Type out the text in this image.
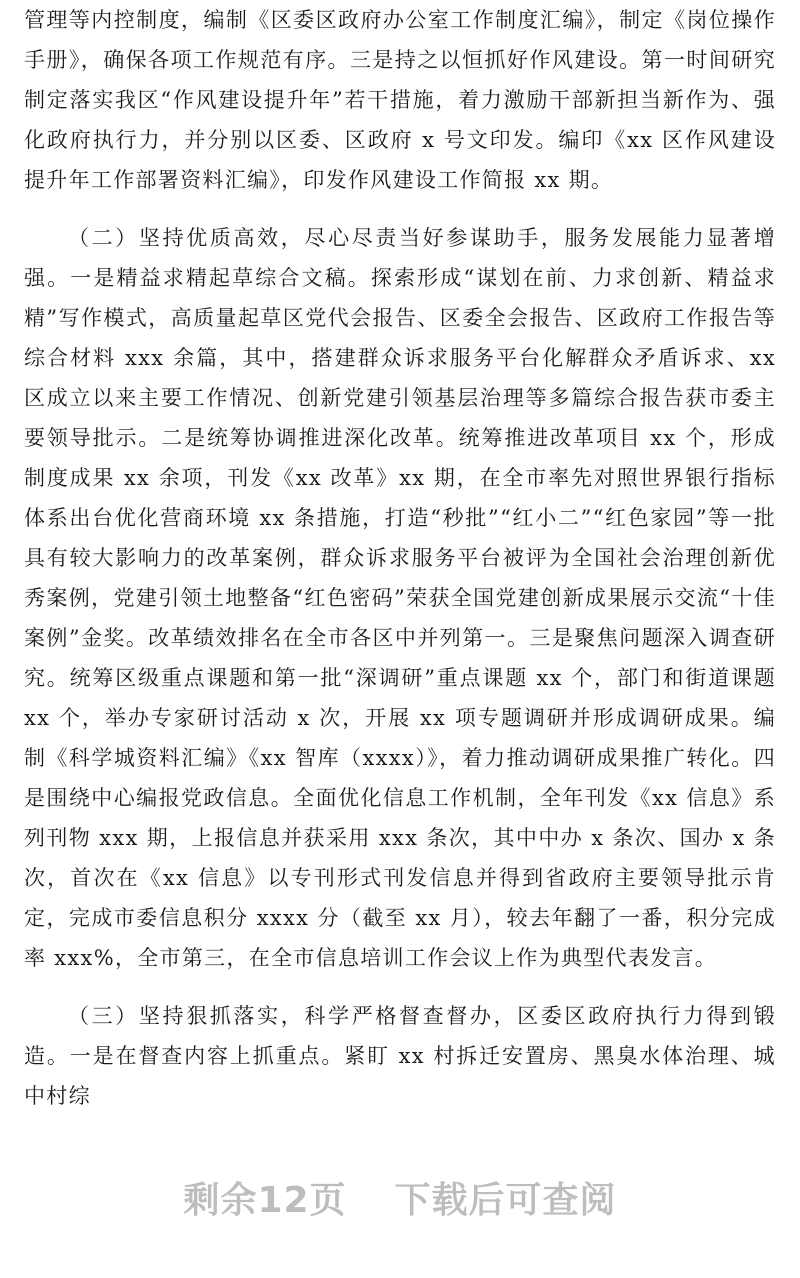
管理等内控制度，编制《区委区政府办公室工作制度汇编》，制定《岗位操作手册》，确保各项工作规范有序。三是持之以恒抓好作风建设。第一时间研究制定落实我区“作风建设提升年”若干措施，着力激励干部新担当新作为、强化政府执行力，并分别以区委、区政府 x 号文印发。编印《xx 区作风建设提升年工作部署资料汇编》，印发作风建设工作简报 xx 期。

（二）坚持优质高效，尽心尽责当好参谋助手，服务发展能力显著增强。一是精益求精起草综合文稿。探索形成“谋划在前、力求创新、精益求精”写作模式，高质量起草区党代会报告、区委全会报告、区政府工作报告等综合材料 xxx 余篇，其中，搭建群众诉求服务平台化解群众矛盾诉求、xx 区成立以来主要工作情况、创新党建引领基层治理等多篇综合报告获市委主要领导批示。二是统筹协调推进深化改革。统筹推进改革项目 xx 个，形成制度成果 xx 余项，刊发《xx 改革》xx 期，在全市率先对照世界银行指标体系出台优化营商环境 xx 条措施，打造“秒批”“红小二”“红色家园”等一批具有较大影响力的改革案例，群众诉求服务平台被评为全国社会治理创新优秀案例，党建引领土地整备“红色密码”荣获全国党建创新成果展示交流“十佳案例”金奖。改革绩效排名在全市各区中并列第一。三是聚焦问题深入调查研究。统筹区级重点课题和第一批“深调研”重点课题 xx 个，部门和街道课题 xx 个，举办专家研讨活动 x 次，开展 xx 项专题调研并形成调研成果。编制《科学城资料汇编》《xx 智库（xxxx）》，着力推动调研成果推广转化。四是围绕中心编报党政信息。全面优化信息工作机制，全年刊发《xx 信息》系列刊物 xxx 期，上报信息并获采用 xxx 条次，其中中办 x 条次、国办 x 条次，首次在《xx 信息》以专刊形式刊发信息并得到省政府主要领导批示肯定，完成市委信息积分 xxxx 分（截至 xx 月），较去年翻了一番，积分完成率 xxx%，全市第三，在全市信息培训工作会议上作为典型代表发言。

（三）坚持狠抓落实，科学严格督查督办，区委区政府执行力得到锻造。一是在督查内容上抓重点。紧盯 xx 村拆迁安置房、黑臭水体治理、城中村综

剩余12页 下载后可查阅
